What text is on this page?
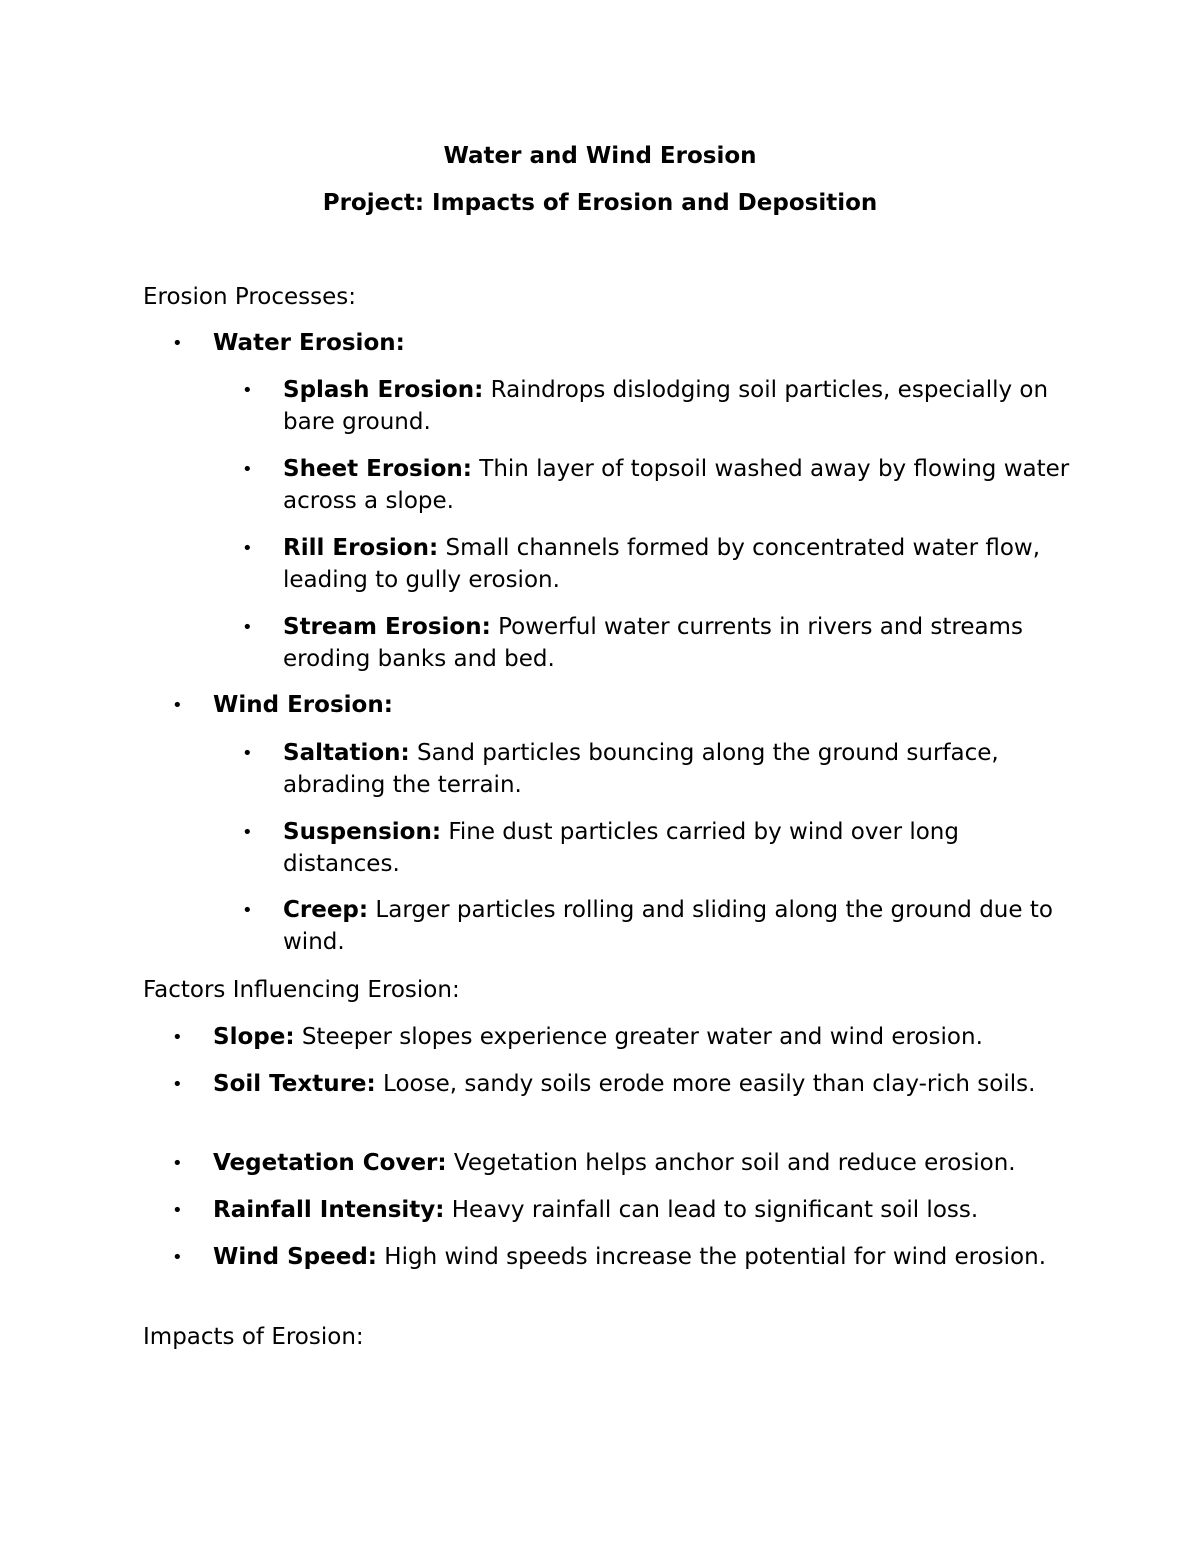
Water and Wind Erosion
Project: Impacts of Erosion and Deposition

Erosion Processes:

• Water Erosion:
• Splash Erosion: Raindrops dislodging soil particles, especially on bare ground.
• Sheet Erosion: Thin layer of topsoil washed away by flowing water across a slope.
• Rill Erosion: Small channels formed by concentrated water flow, leading to gully erosion.
• Stream Erosion: Powerful water currents in rivers and streams eroding banks and bed.
• Wind Erosion:
• Saltation: Sand particles bouncing along the ground surface, abrading the terrain.
• Suspension: Fine dust particles carried by wind over long distances.
• Creep: Larger particles rolling and sliding along the ground due to wind.

Factors Influencing Erosion:

• Slope: Steeper slopes experience greater water and wind erosion.
• Soil Texture: Loose, sandy soils erode more easily than clay-rich soils.
• Vegetation Cover: Vegetation helps anchor soil and reduce erosion.
• Rainfall Intensity: Heavy rainfall can lead to significant soil loss.
• Wind Speed: High wind speeds increase the potential for wind erosion.

Impacts of Erosion:
